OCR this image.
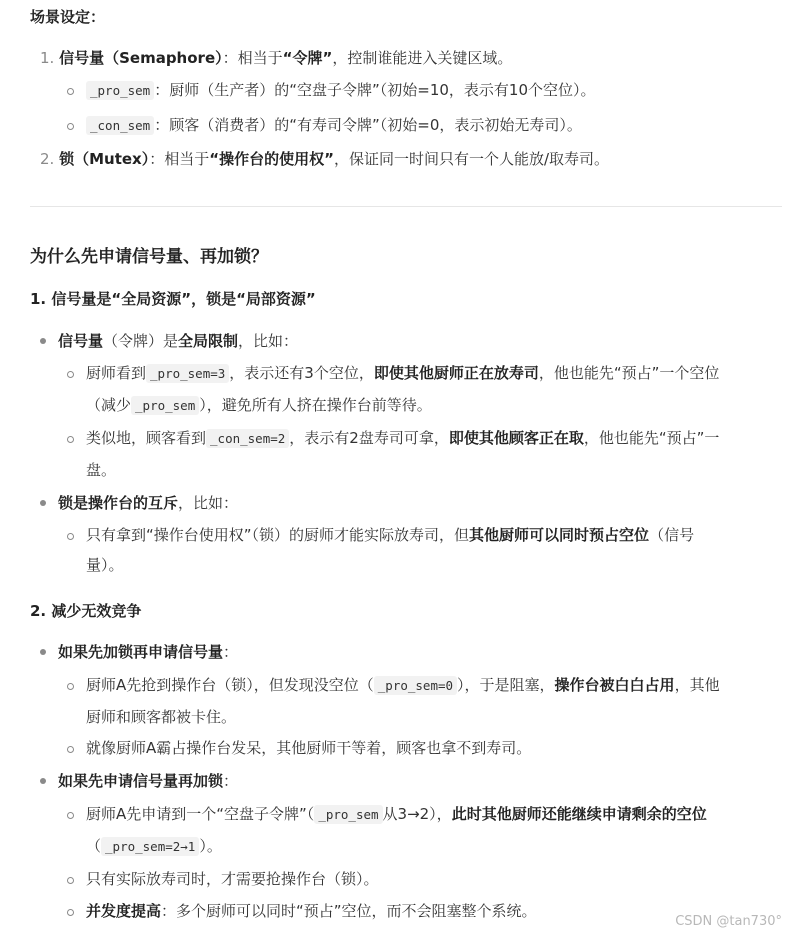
场景设定：
1. 信号量（Semaphore）：相当于“令牌”，控制谁能进入关键区域。
_pro_sem ：厨师（生产者）的“空盘子令牌”（初始=10，表示有10个空位）。
_con_sem ：顾客（消费者）的“有寿司令牌”（初始=0，表示初始无寿司）。
2. 锁（Mutex）：相当于“操作台的使用权”，保证同一时间只有一个人能放/取寿司。
为什么先申请信号量、再加锁？
1. 信号量是“全局资源”，锁是“局部资源”
信号量（令牌）是全局限制，比如：
厨师看到 _pro_sem=3 ，表示还有3个空位，即使其他厨师正在放寿司，他也能先“预占”一个空位
（减少 _pro_sem ），避免所有人挤在操作台前等待。
类似地，顾客看到 _con_sem=2 ，表示有2盘寿司可拿，即使其他顾客正在取，他也能先“预占”一
盘。
锁是操作台的互斥，比如：
只有拿到“操作台使用权”（锁）的厨师才能实际放寿司，但其他厨师可以同时预占空位（信号
量）。
2. 减少无效竞争
如果先加锁再申请信号量：
厨师A先抢到操作台（锁），但发现没空位（ _pro_sem=0 ），于是阻塞，操作台被白白占用，其他
厨师和顾客都被卡住。
就像厨师A霸占操作台发呆，其他厨师干等着，顾客也拿不到寿司。
如果先申请信号量再加锁：
厨师A先申请到一个“空盘子令牌”（ _pro_sem 从3→2），此时其他厨师还能继续申请剩余的空位
（ _pro_sem=2→1 ）。
只有实际放寿司时，才需要抢操作台（锁）。
并发度提高：多个厨师可以同时“预占”空位，而不会阻塞整个系统。
CSDN @tan730°
